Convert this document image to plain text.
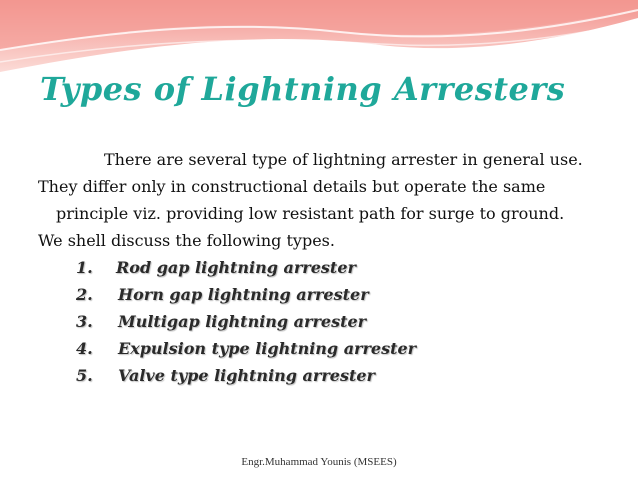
Types of Lightning Arresters

There are several type of lightning arrester in general use.

They differ only in constructional details but operate the same

principle viz. providing low resistant path for surge to ground.

We shell discuss the following types.

1.	Rod gap lightning arrester
2.	Horn gap lightning arrester
3.	Multigap lightning arrester
4.	Expulsion type lightning arrester
5.	Valve type lightning arrester
Engr.Muhammad Younis (MSEES)
